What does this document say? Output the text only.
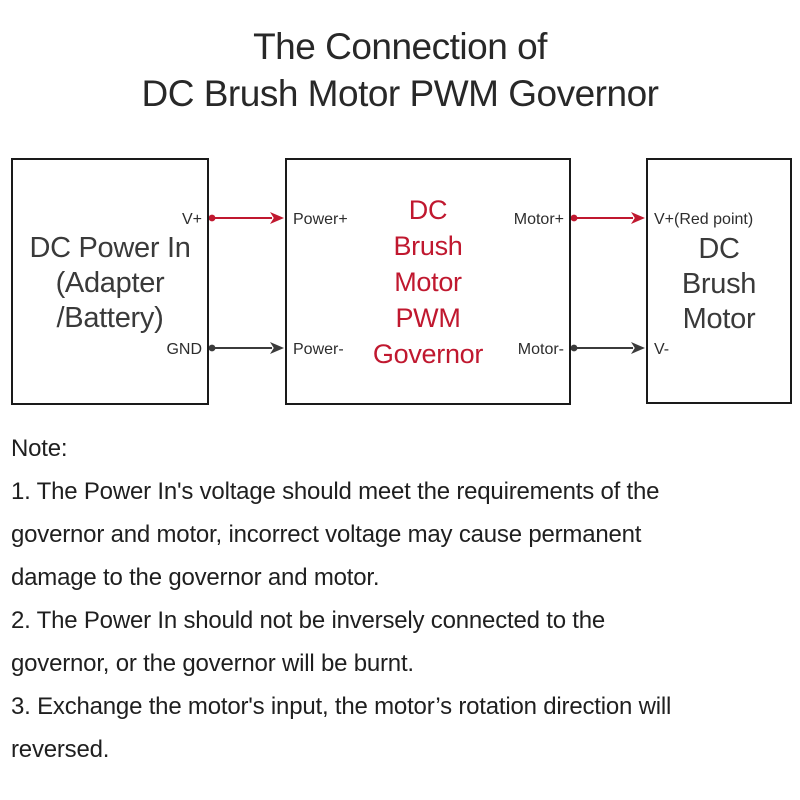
The Connection of
DC Brush Motor PWM Governor
V+
GND
DC Power In
(Adapter
/Battery)
Power+
Power-
Motor+
Motor-
DC
Brush
Motor
PWM
Governor
V+(Red point)
V-
DC
Brush
Motor
Note:
1. The Power In's voltage should meet the requirements of the
governor and motor, incorrect voltage may cause permanent
damage to the governor and motor.
2. The Power In should not be inversely connected to the
governor, or the governor will be burnt.
3. Exchange the motor's input, the motor’s rotation direction will
reversed.
